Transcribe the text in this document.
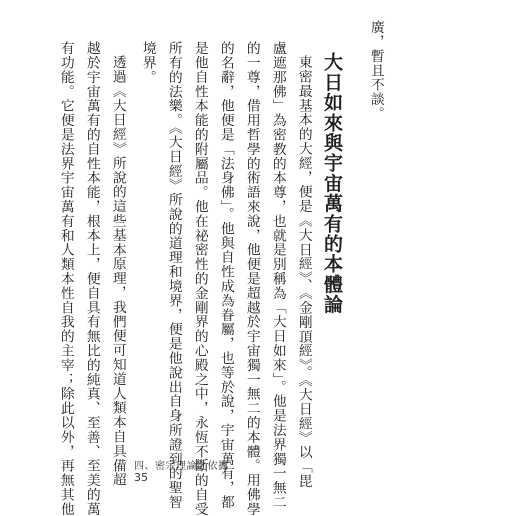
大日如來與宇宙萬有的本體論
四、密宗理論之依據
35
廣，暫且不談。
東密最基本的大經，便是《大日經》、《金剛頂經》。《大日經》以「毘
盧遮那佛」為密教的本尊，也就是別稱為「大日如來」。他是法界獨一無二
的一尊，借用哲學的術語來說，他便是超越於宇宙獨一無二的本體。用佛學
的名辭，他便是「法身佛」。他與自性成為眷屬，也等於說，宇宙萬有，都
是他自性本能的附屬品。他在祕密性的金剛界的心殿之中，永恆不斷的自受
所有的法樂。《大日經》所說的道理和境界，便是他說出自身所證到的聖智
境界。
透過《大日經》所說的這些基本原理，我們便可知道人類本自具備超
越於宇宙萬有的自性本能，根本上，便自具有無比的純真、至善、至美的萬
有功能。它便是法界宇宙萬有和人類本性自我的主宰；除此以外，再無其他
